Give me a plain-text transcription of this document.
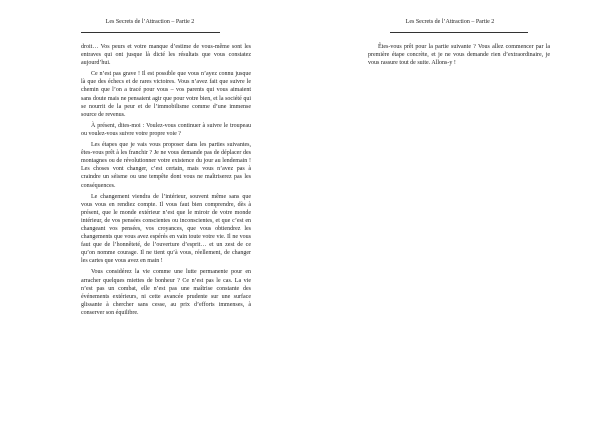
Les Secrets de l’Attraction – Partie 2

droit… Vos peurs et votre manque d’estime de vous-même sont les entraves qui ont jusque là dicté les résultats que vous constatez aujourd’hui.

Ce n’est pas grave ! Il est possible que vous n’ayez connu jusque là que des échecs et de rares victoires. Vous n’avez fait que suivre le chemin que l’on a tracé pour vous – vos parents qui vous aimaient sans doute mais ne pensaient agir que pour votre bien, et la société qui se nourrit de la peur et de l’immobilisme comme d’une immense source de revenus.

À présent, dites-moi : Voulez-vous continuer à suivre le troupeau ou voulez-vous suivre votre propre voie ?

Les étapes que je vais vous proposer dans les parties suivantes, êtes-vous prêt à les franchir ? Je ne vous demande pas de déplacer des montagnes ou de révolutionner votre existence du jour au lendemain ! Les choses vont changer, c’est certain, mais vous n’avez pas à craindre un séisme ou une tempête dont vous ne maîtriserez pas les conséquences.

Le changement viendra de l’intérieur, souvent même sans que vous vous en rendiez compte. Il vous faut bien comprendre, dès à présent, que le monde extérieur n’est que le miroir de votre monde intérieur, de vos pensées conscientes ou inconscientes, et que c’est en changeant vos pensées, vos croyances, que vous obtiendrez les changements que vous avez espérés en vain toute votre vie. Il ne vous faut que de l’honnêteté, de l’ouverture d’esprit… et un zest de ce qu’on nomme courage. Il ne tient qu’à vous, réellement, de changer les cartes que vous avez en main !

Vous considérez la vie comme une lutte permanente pour en arracher quelques miettes de bonheur ? Ce n’est pas le cas. La vie n’est pas un combat, elle n’est pas une maîtrise constante des événements extérieurs, ni cette avancée prudente sur une surface glissante à chercher sans cesse, au prix d’efforts immenses, à conserver son équilibre.

Les Secrets de l’Attraction – Partie 2

Êtes-vous prêt pour la partie suivante ? Vous allez commencer par la première étape concrète, et je ne vous demande rien d’extraordinaire, je vous rassure tout de suite. Allons-y !
